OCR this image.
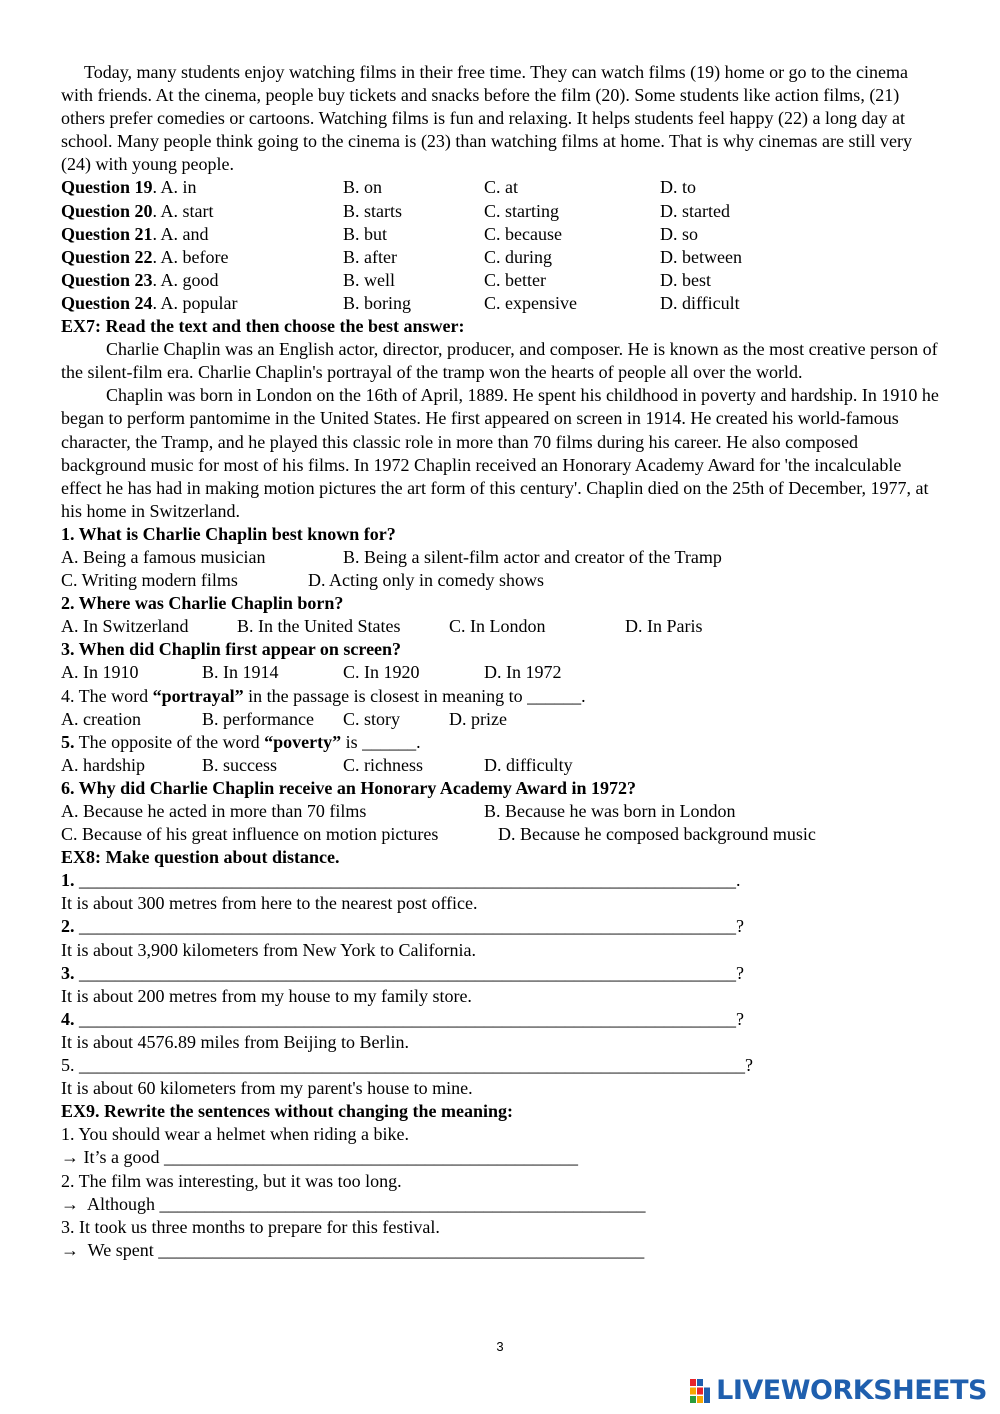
Today, many students enjoy watching films in their free time. They can watch films (19) home or go to the cinema with friends. At the cinema, people buy tickets and snacks before the film (20). Some students like action films, (21) others prefer comedies or cartoons. Watching films is fun and relaxing. It helps students feel happy (22) a long day at school. Many people think going to the cinema is (23) than watching films at home. That is why cinemas are still very (24) with young people.

Question 19. A. in	B. on	C. at	D. to
Question 20. A. start	B. starts	C. starting	D. started
Question 21. A. and	B. but	C. because	D. so
Question 22. A. before	B. after	C. during	D. between
Question 23. A. good	B. well	C. better	D. best
Question 24. A. popular	B. boring	C. expensive	D. difficult

EX7: Read the text and then choose the best answer:

Charlie Chaplin was an English actor, director, producer, and composer. He is known as the most creative person of the silent-film era. Charlie Chaplin's portrayal of the tramp won the hearts of people all over the world.

Chaplin was born in London on the 16th of April, 1889. He spent his childhood in poverty and hardship. In 1910 he began to perform pantomime in the United States. He first appeared on screen in 1914. He created his world-famous character, the Tramp, and he played this classic role in more than 70 films during his career. He also composed background music for most of his films. In 1972 Chaplin received an Honorary Academy Award for 'the incalculable effect he has had in making motion pictures the art form of this century'. Chaplin died on the 25th of December, 1977, at his home in Switzerland.

1. What is Charlie Chaplin best known for?

A. Being a famous musician	B. Being a silent-film actor and creator of the Tramp
C. Writing modern films	D. Acting only in comedy shows

2. Where was Charlie Chaplin born?

A. In Switzerland	B. In the United States	C. In London	D. In Paris

3. When did Chaplin first appear on screen?

A. In 1910	B. In 1914	C. In 1920	D. In 1972

4. The word “portrayal” in the passage is closest in meaning to ______.

A. creation	B. performance	C. story	D. prize

5. The opposite of the word “poverty” is ______.

A. hardship	B. success	C. richness	D. difficulty

6. Why did Charlie Chaplin receive an Honorary Academy Award in 1972?

A. Because he acted in more than 70 films	B. Because he was born in London
C. Because of his great influence on motion pictures	D. Because he composed background music

EX8: Make question about distance.

1. _________________________________________________________________________.

It is about 300 metres from here to the nearest post office.

2. _________________________________________________________________________?

It is about 3,900 kilometers from New York to California.

3. _________________________________________________________________________?

It is about 200 metres from my house to my family store.

4. _________________________________________________________________________?

It is about 4576.89 miles from Beijing to Berlin.

5. __________________________________________________________________________?

It is about 60 kilometers from my parent's house to mine.

EX9. Rewrite the sentences without changing the meaning:

1. You should wear a helmet when riding a bike.

→ It’s a good ______________________________________________

2. The film was interesting, but it was too long.

→  Although ______________________________________________________

3. It took us three months to prepare for this festival.

→  We spent ______________________________________________________
3
LIVEWORKSHEETS
